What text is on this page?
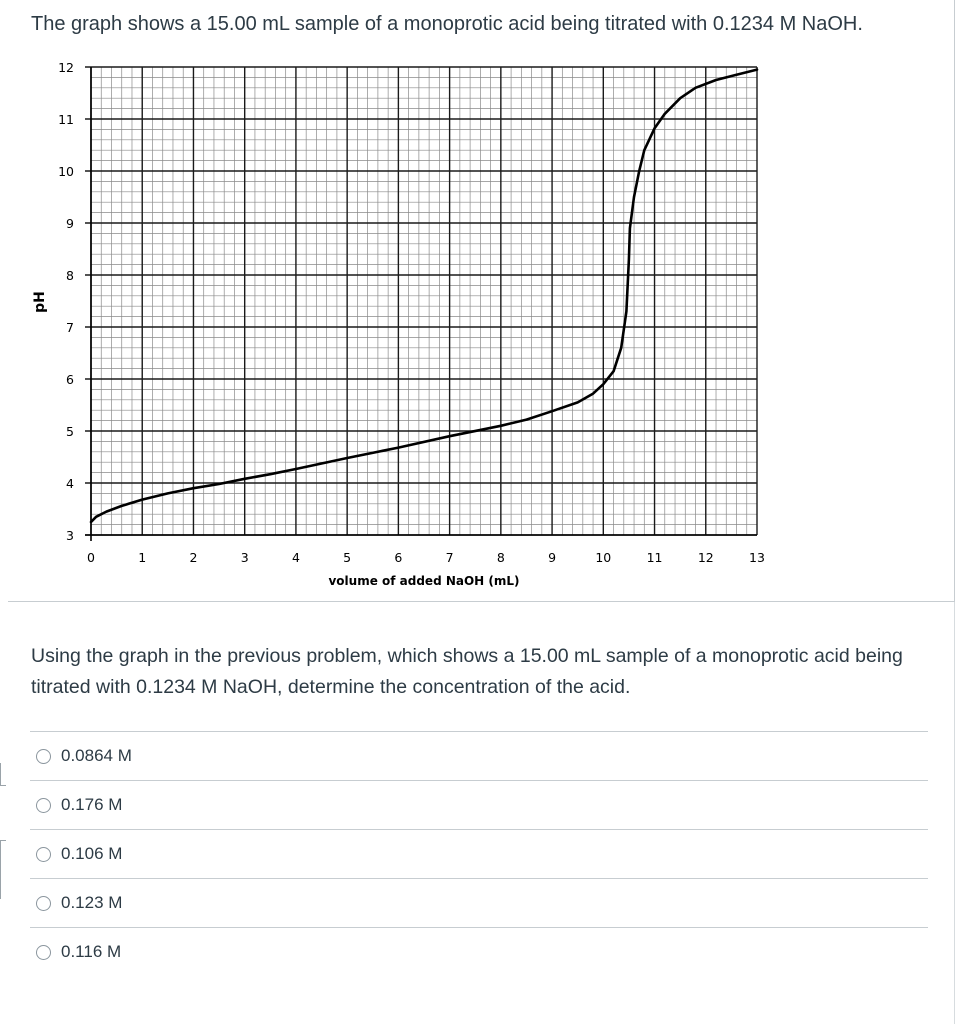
The graph shows a 15.00 mL sample of a monoprotic acid being titrated with 0.1234 M NaOH.
3
4
5
6
7
8
9
10
11
12
0	1	2	3	4	5	6	7	8	9	10	11	12	13
volume of added NaOH (mL)
pH
Using the graph in the previous problem, which shows a 15.00 mL sample of a monoprotic acid being titrated with 0.1234 M NaOH, determine the concentration of the acid.
0.0864 M
0.176 M
0.106 M
0.123 M
0.116 M
